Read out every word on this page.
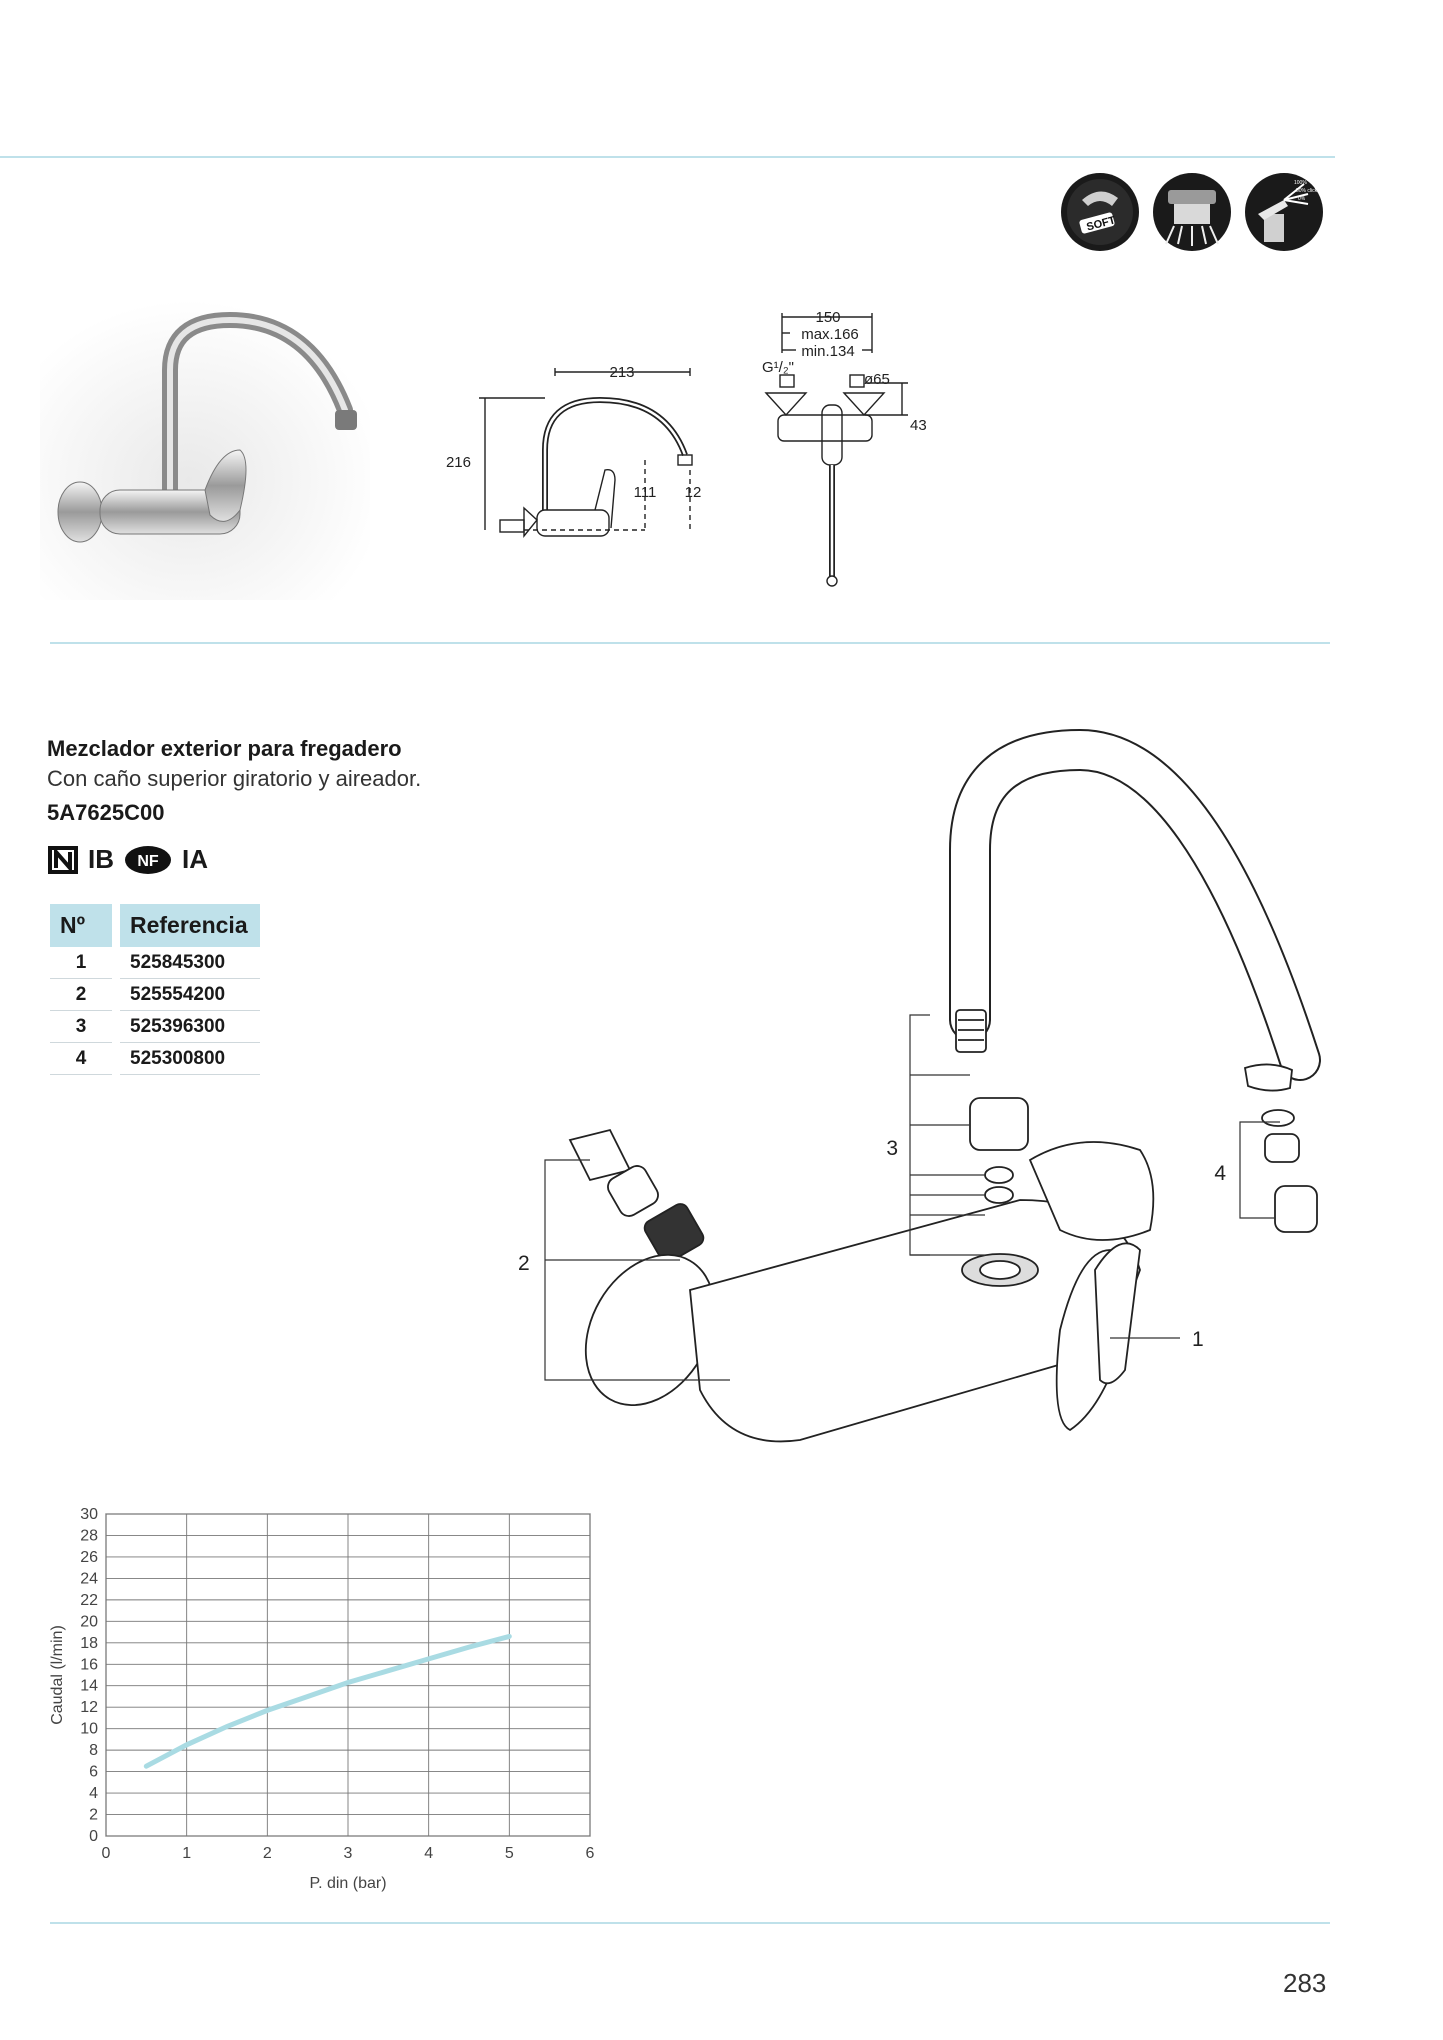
SOFT
100%
50% click
0%
216
213
111 12
150
max.166
min.134
G¹/₂"
ø65
43
Mezclador exterior para fregadero
Con caño superior giratorio y aireador.
5A7625C00
IB NF IA
Nº	Referencia
1	525845300
2	525554200
3	525396300
4	525300800
1
2
3
4
0
2
4
6
8
10
12
14
16
18
20
22
24
26
28
30
0	1	2	3	4	5	6
P. din (bar)
Caudal (l/min)
283
